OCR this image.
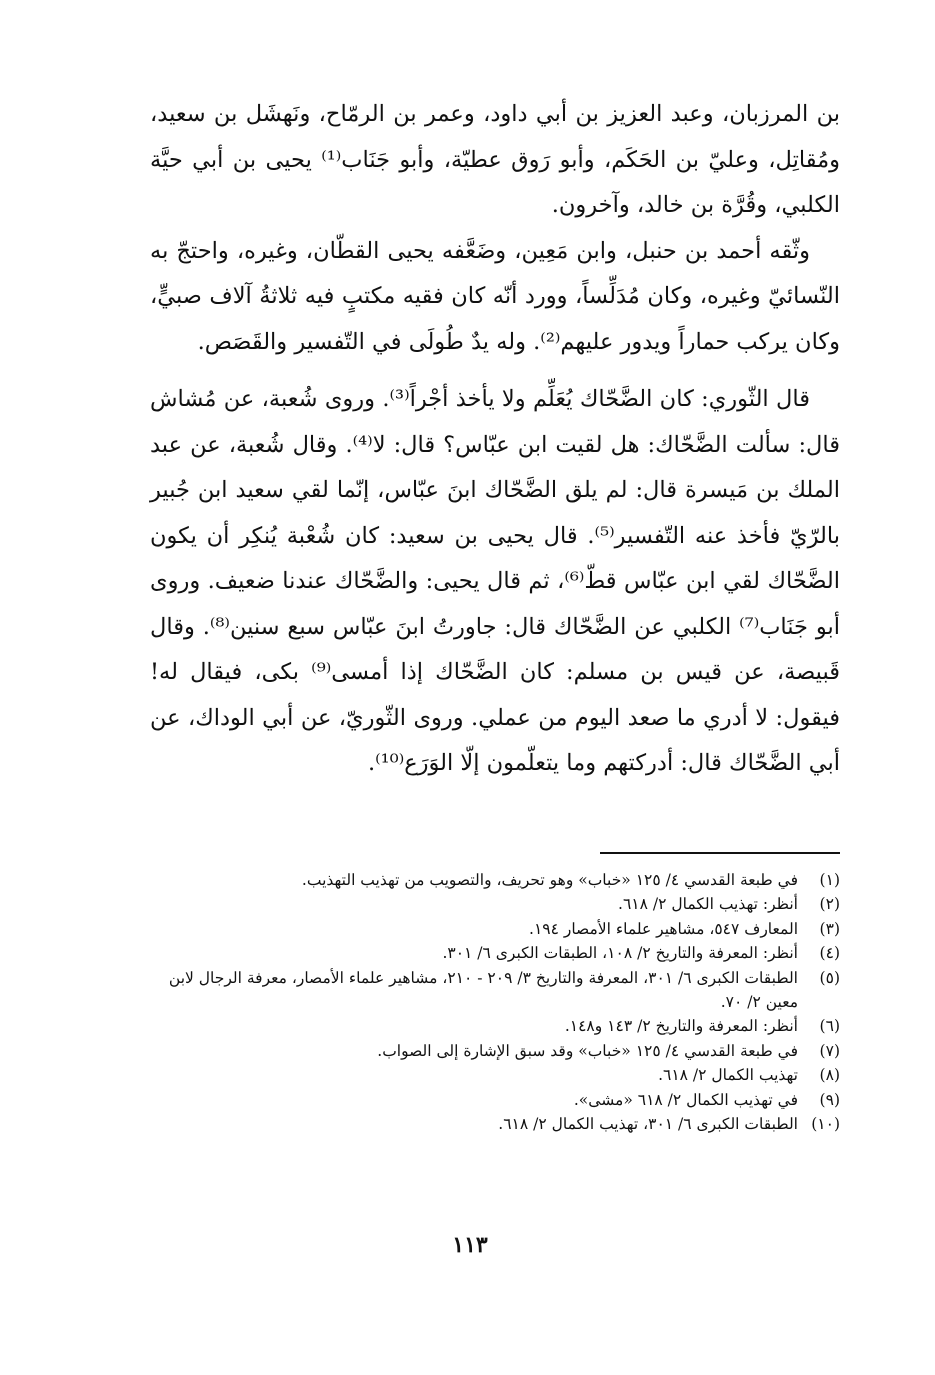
بن المرزبان، وعبد العزيز بن أبي داود، وعمر بن الرمّاح، ونَهشَل بن سعيد، ومُقاتِل، وعليّ بن الحَكَم، وأبو رَوق عطيّة، وأبو جَنَاب⁽¹⁾ يحيى بن أبي حيَّة الكلبي، وقُرَّة بن خالد، وآخرون.

وثّقه أحمد بن حنبل، وابن مَعِين، وضَعَّفه يحيى القطّان، وغيره، واحتجّ به النّسائيّ وغيره، وكان مُدَلِّساً، وورد أنّه كان فقيه مكتبٍ فيه ثلاثةُ آلاف صبيٍّ، وكان يركب حماراً ويدور عليهم⁽²⁾. وله يدٌ طُولَى في التّفسير والقَصَص.

قال الثّوري: كان الضَّحّاك يُعَلِّم ولا يأخذ أجْراً⁽³⁾. وروى شُعبة، عن مُشاش قال: سألت الضَّحّاك: هل لقيت ابن عبّاس؟ قال: لا⁽⁴⁾. وقال شُعبة، عن عبد الملك بن مَيسرة قال: لم يلق الضَّحّاك ابنَ عبّاس، إنّما لقي سعيد ابن جُبير بالرّيّ فأخذ عنه التّفسير⁽⁵⁾. قال يحيى بن سعيد: كان شُعْبة يُنكِر أن يكون الضَّحّاك لقي ابن عبّاس قطّ⁽⁶⁾، ثم قال يحيى: والضَّحّاك عندنا ضعيف. وروى أبو جَنَاب⁽⁷⁾ الكلبي عن الضَّحّاك قال: جاورتُ ابنَ عبّاس سبع سنين⁽⁸⁾. وقال قَبيصة، عن قيس بن مسلم: كان الضَّحّاك إذا أمسى⁽⁹⁾ بكى، فيقال له! فيقول: لا أدري ما صعد اليوم من عملي. وروى الثّوريّ، عن أبي الوداك، عن أبي الضَّحّاك قال: أدركتهم وما يتعلّمون إلّا الوَرَع⁽¹⁰⁾.

(١)
في طبعة القدسي ٤/ ١٢٥ «خباب» وهو تحريف، والتصويب من تهذيب التهذيب.
(٢)
أنظر: تهذيب الكمال ٢/ ٦١٨.
(٣)
المعارف ٥٤٧، مشاهير علماء الأمصار ١٩٤.
(٤)
أنظر: المعرفة والتاريخ ٢/ ١٠٨، الطبقات الكبرى ٦/ ٣٠١.
(٥)
الطبقات الكبرى ٦/ ٣٠١، المعرفة والتاريخ ٣/ ٢٠٩ - ٢١٠، مشاهير علماء الأمصار، معرفة الرجال لابن معين ٢/ ٧٠.
(٦)
أنظر: المعرفة والتاريخ ٢/ ١٤٣ و١٤٨.
(٧)
في طبعة القدسي ٤/ ١٢٥ «خباب» وقد سبق الإشارة إلى الصواب.
(٨)
تهذيب الكمال ٢/ ٦١٨.
(٩)
في تهذيب الكمال ٢/ ٦١٨ «مشى».
(١٠)
الطبقات الكبرى ٦/ ٣٠١، تهذيب الكمال ٢/ ٦١٨.
١١٣
